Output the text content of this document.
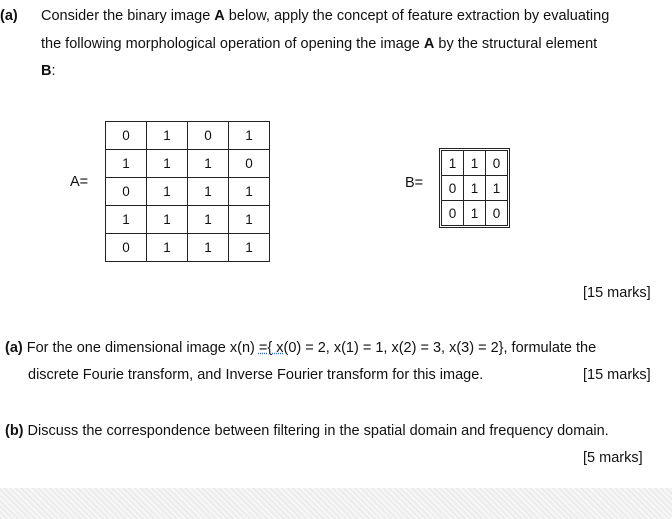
(a) Consider the binary image A below, apply the concept of feature extraction by evaluating
the following morphological operation of opening the image A by the structural element
B:
A=
0	1	0	1
1	1	1	0
0	1	1	1
1	1	1	1
0	1	1	1
B=
1	1	0
0	1	1
0	1	0
[15 marks]
(a) For the one dimensional image x(n) ={ x(0) = 2, x(1) = 1, x(2) = 3, x(3) = 2}, formulate the
discrete Fourie transform, and Inverse Fourier transform for this image.	[15 marks]
(b) Discuss the correspondence between filtering in the spatial domain and frequency domain.
[5 marks]
